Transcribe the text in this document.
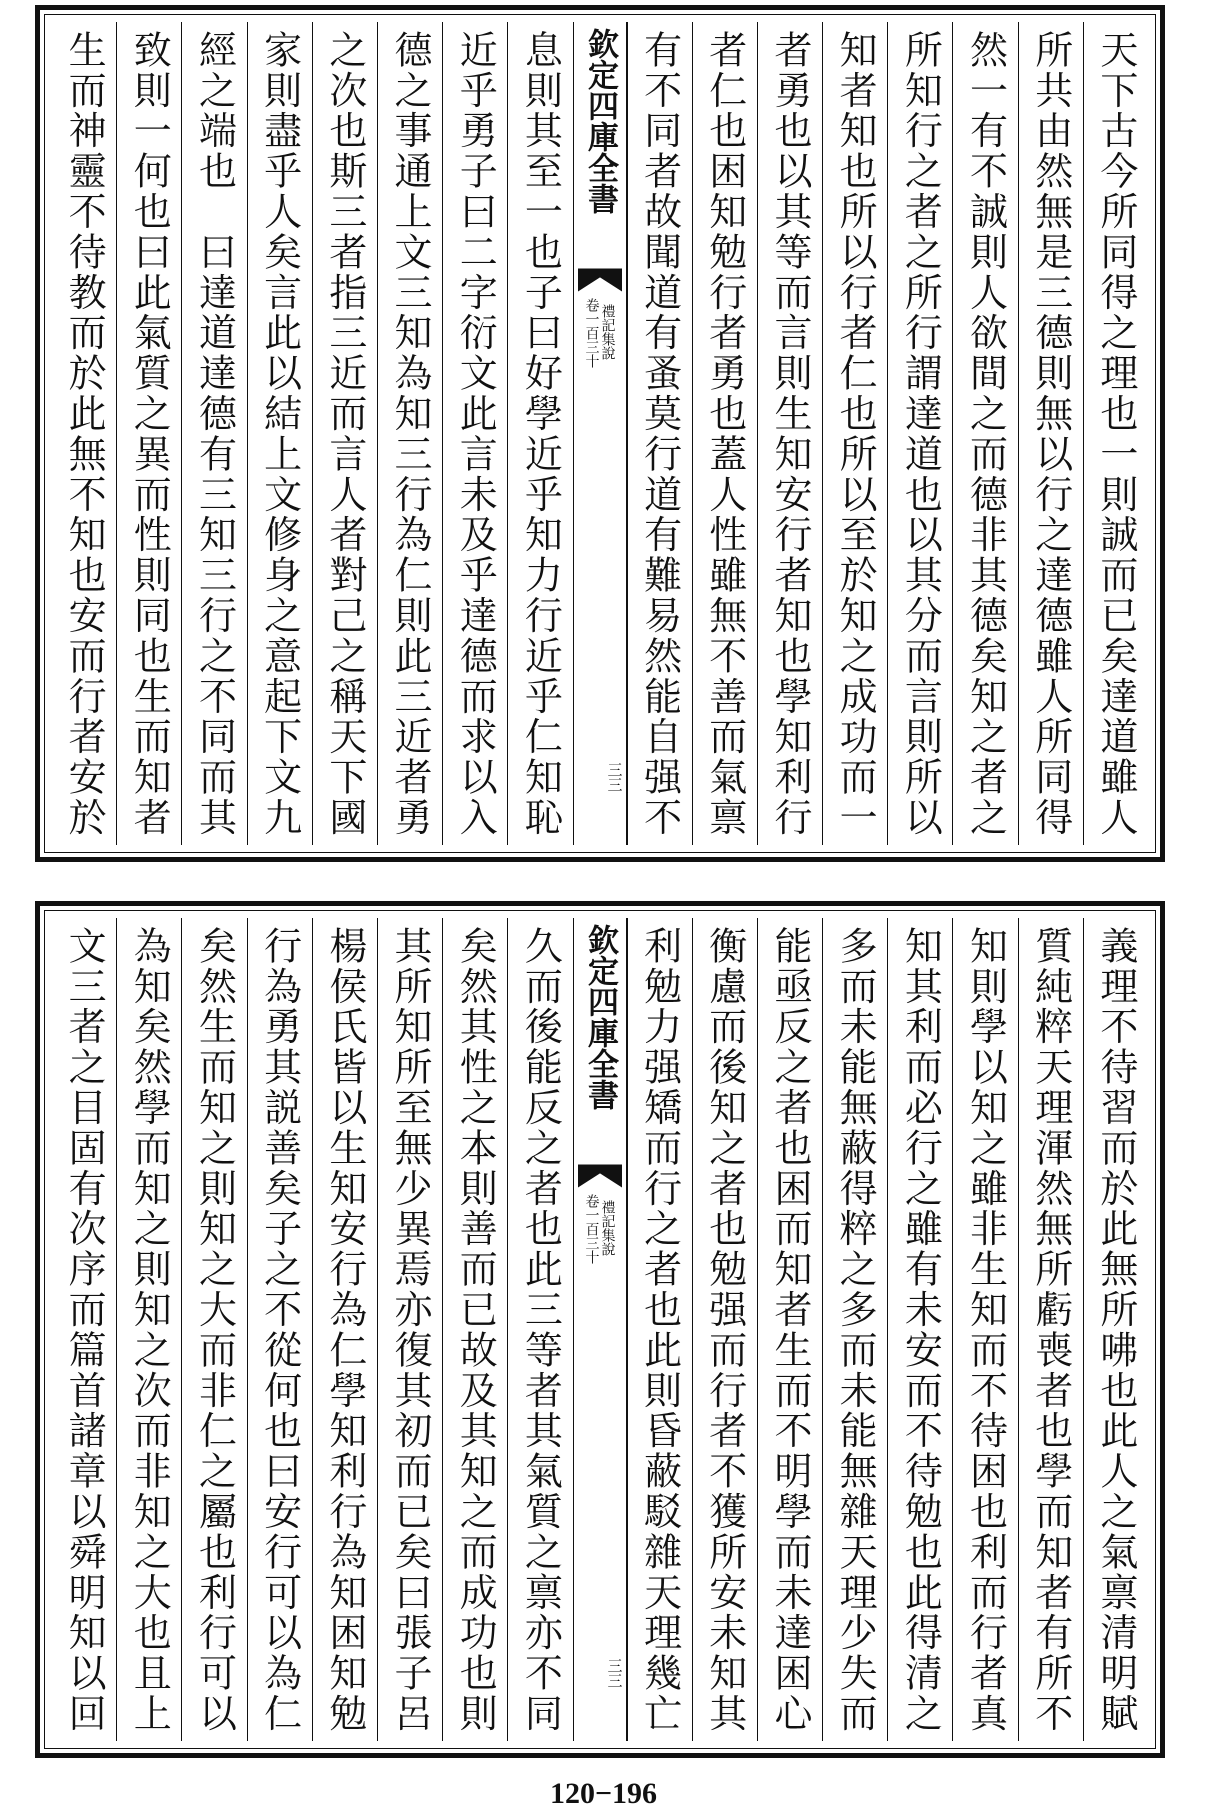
天下古今所同得之理也一則誠而已矣達道雖人
所共由然無是三德則無以行之達德雖人所同得
然一有不誠則人欲間之而德非其德矣知之者之
所知行之者之所行謂達道也以其分而言則所以
知者知也所以行者仁也所以至於知之成功而一
者勇也以其等而言則生知安行者知也學知利行
者仁也困知勉行者勇也蓋人性雖無不善而氣禀
有不同者故聞道有蚤莫行道有難易然能自强不
欽定四庫全書
禮記集說
卷一百三十
三三
息則其至一也子曰好學近乎知力行近乎仁知恥
近乎勇子曰二字衍文此言未及乎達德而求以入
德之事通上文三知為知三行為仁則此三近者勇
之次也斯三者指三近而言人者對己之稱天下國
家則盡乎人矣言此以結上文修身之意起下文九
經之端也　曰達道達德有三知三行之不同而其
致則一何也曰此氣質之異而性則同也生而知者
生而神靈不待教而於此無不知也安而行者安於
義理不待習而於此無所咈也此人之氣禀清明賦
質純粹天理渾然無所虧喪者也學而知者有所不
知則學以知之雖非生知而不待困也利而行者真
知其利而必行之雖有未安而不待勉也此得清之
多而未能無蔽得粹之多而未能無雜天理少失而
能亟反之者也困而知者生而不明學而未達困心
衡慮而後知之者也勉强而行者不獲所安未知其
利勉力强矯而行之者也此則昏蔽駁雜天理幾亡
欽定四庫全書
禮記集說
卷一百三十
三三
久而後能反之者也此三等者其氣質之禀亦不同
矣然其性之本則善而已故及其知之而成功也則
其所知所至無少異焉亦復其初而已矣曰張子呂
楊侯氏皆以生知安行為仁學知利行為知困知勉
行為勇其説善矣子之不從何也曰安行可以為仁
矣然生而知之則知之大而非仁之屬也利行可以
為知矣然學而知之則知之次而非知之大也且上
文三者之目固有次序而篇首諸章以舜明知以回
120−196
